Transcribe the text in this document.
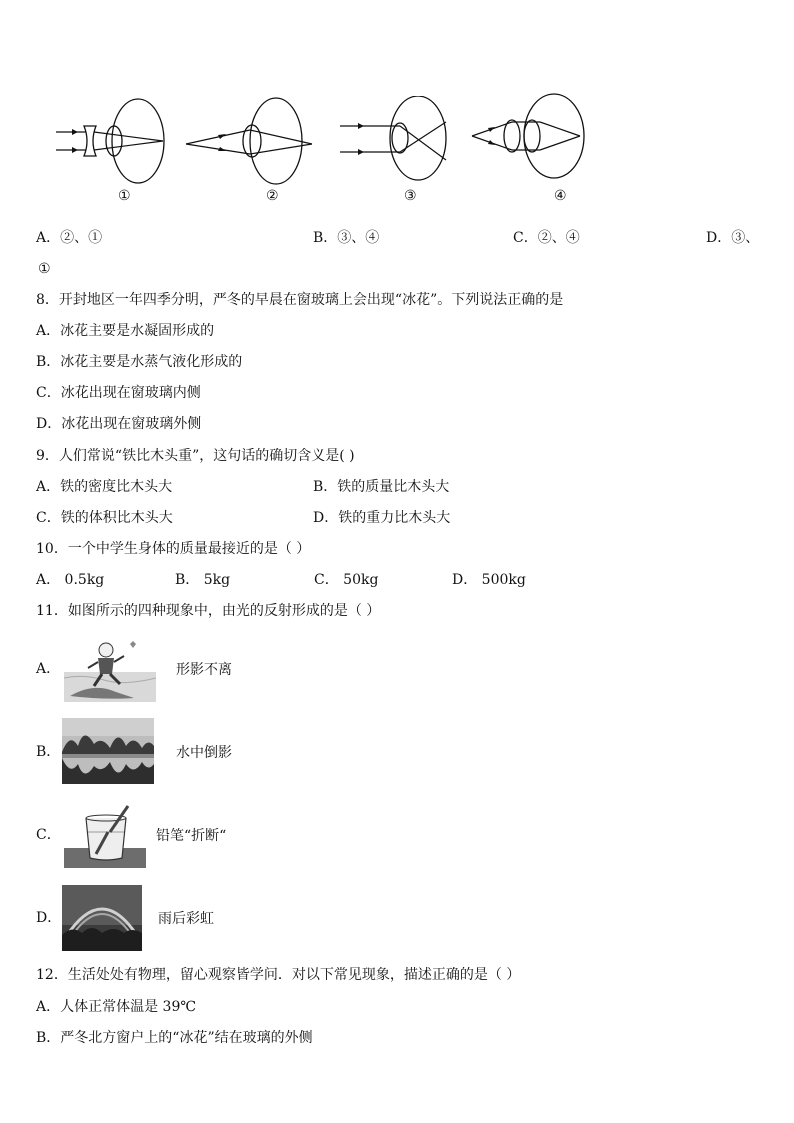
①	②	③	④
A．②、①	B．③、④	C．②、④	D．③、
①
8．开封地区一年四季分明，严冬的早晨在窗玻璃上会出现“冰花”。下列说法正确的是
A．冰花主要是水凝固形成的
B．冰花主要是水蒸气液化形成的
C．冰花出现在窗玻璃内侧
D．冰花出现在窗玻璃外侧
9．人们常说“铁比木头重”，这句话的确切含义是( )
A．铁的密度比木头大	B．铁的质量比木头大
C．铁的体积比木头大	D．铁的重力比木头大
10．一个中学生身体的质量最接近的是（ ）
A． 0.5kg	B． 5kg	C． 50kg	D． 500kg
11．如图所示的四种现象中，由光的反射形成的是（ ）
A．	形影不离
B．	水中倒影
C．	铅笔“折断“
D．	雨后彩虹
12．生活处处有物理，留心观察皆学问．对以下常见现象，描述正确的是（ ）
A．人体正常体温是 39℃
B．严冬北方窗户上的“冰花”结在玻璃的外侧
